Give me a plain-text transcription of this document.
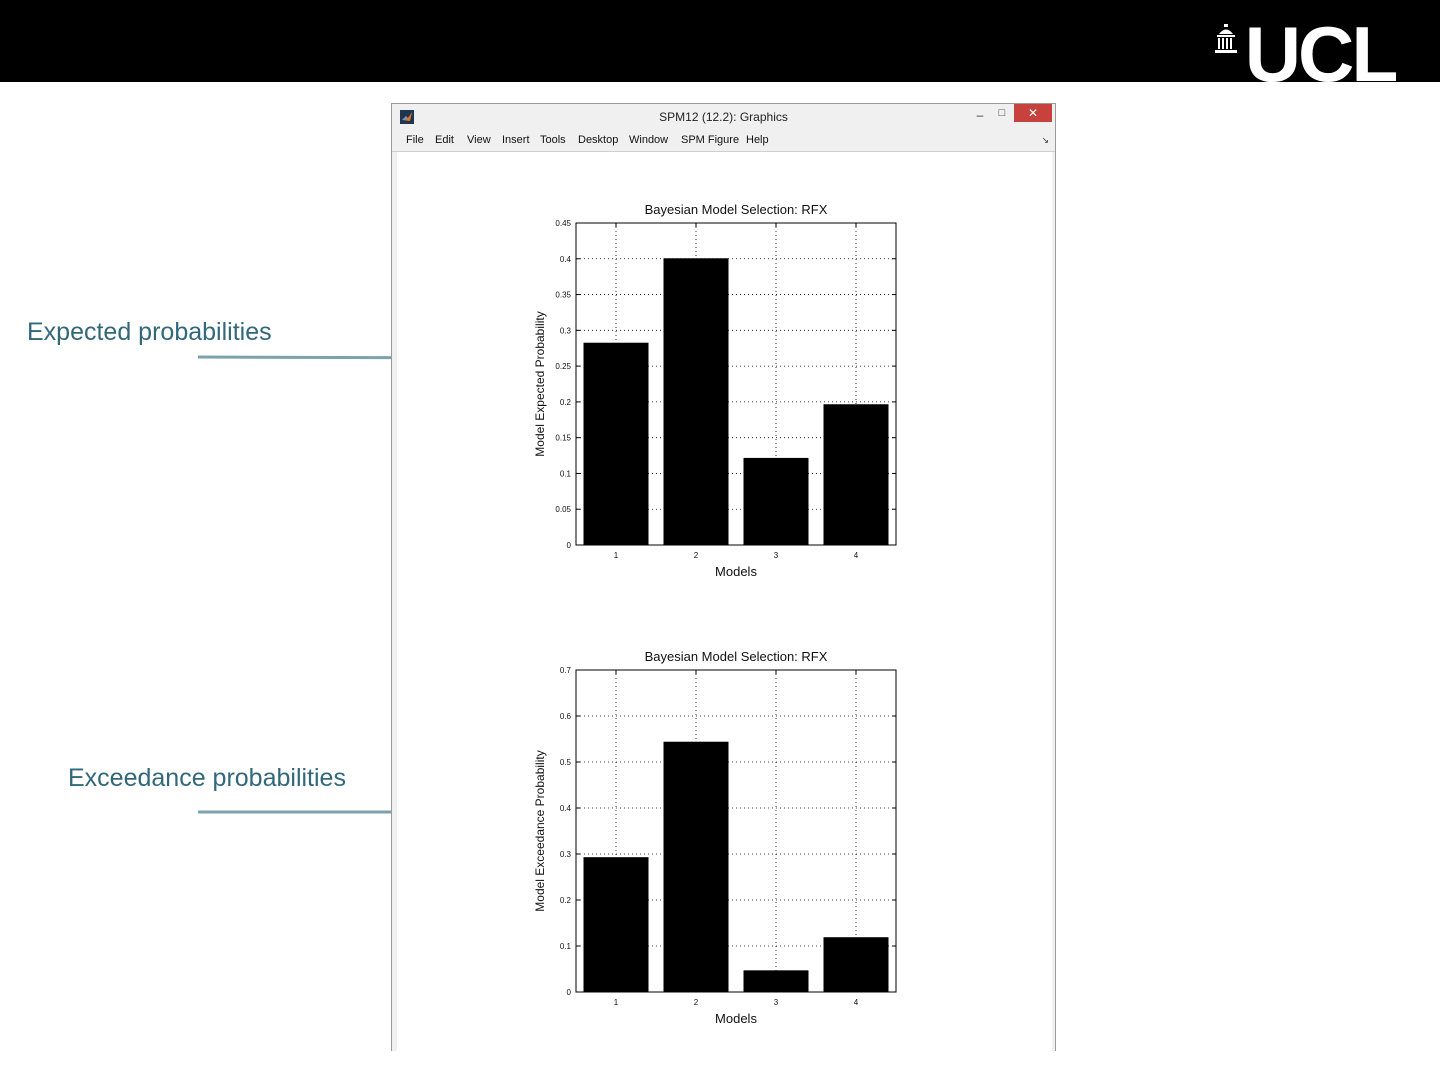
UCL
Expected probabilities
Exceedance probabilities
SPM12 (12.2): Graphics	–	□	✕
File Edit View Insert Tools Desktop Window SPM Figure Help	↘
0
0.05
0.1
0.15
0.2
0.25
0.3
0.35
0.4
0.45
1	2	3	4
Bayesian Model Selection: RFX
Models
Model Expected Probability
0
0.1
0.2
0.3
0.4
0.5
0.6
0.7
1	2	3	4
Bayesian Model Selection: RFX
Models
Model Exceedance Probability
